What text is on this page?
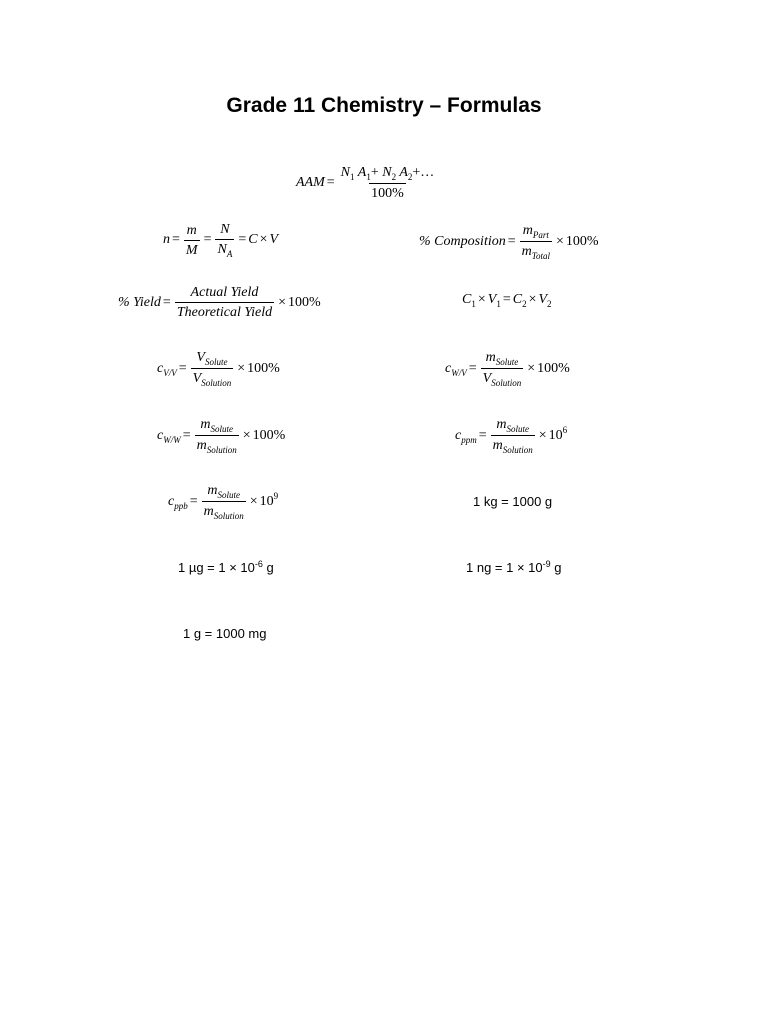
Grade 11 Chemistry – Formulas
AAM = $\frac{N_1 A_1+ N_2 A_2+\dots}{100\%}$
$n = \frac{m}{M} = \frac{N}{N_A} = C \times V$	% Composition = $\frac{m_{Part}}{m_{Total}} \times 100\%$
% Yield = $\frac{\text{Actual Yield}}{\text{Theoretical Yield}} \times 100\%$	C 1 × V 1 = C 2 × V 2
c $V/V = \frac{V_{Solute}}{V_{Solution}} \times 100\%$	c $W/V = \frac{m_{Solute}}{V_{Solution}} \times 100\%$
c $W/W = \frac{m_{Solute}}{m_{Solution}} \times 100\%$	c ppm = $\frac{m_{Solute}}{m_{Solution}} \times 10$ 6
c ppb = $\frac{m_{Solute}}{m_{Solution}} \times 10$ 9	1 kg = 1000 g
1 $\mu g = 1 \times 10^{-6}$ g	1 ng = $1 \times 10^{-9}$ g
1 g = 1000 mg
